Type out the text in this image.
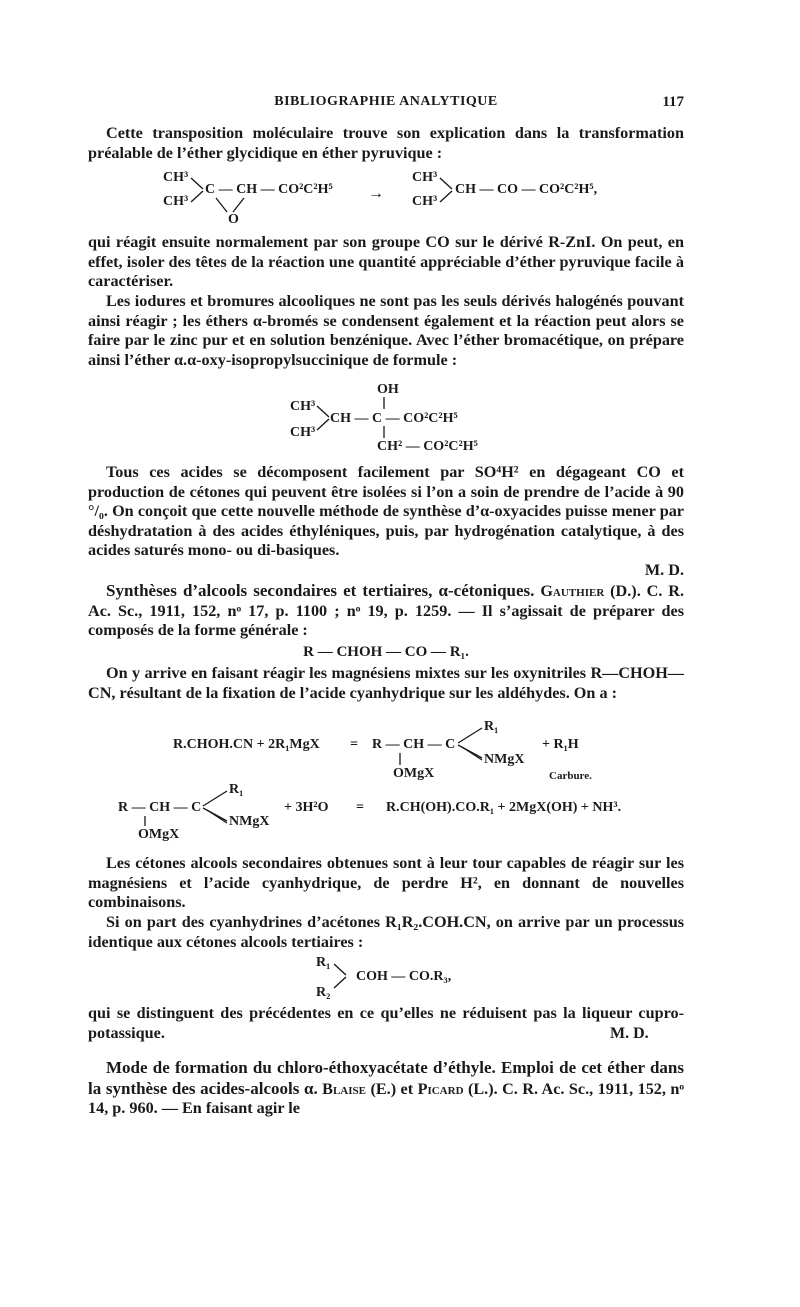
BIBLIOGRAPHIE ANALYTIQUE	117

Cette transposition moléculaire trouve son explication dans la transformation préalable de l’éther glycidique en éther pyruvique :

CH³
CH³
C — CH — CO²C²H⁵
O
→
CH³
CH³
CH — CO — CO²C²H⁵,

qui réagit ensuite normalement par son groupe CO sur le dérivé R-ZnI. On peut, en effet, isoler des têtes de la réaction une quantité appréciable d’éther pyruvique facile à caractériser.

Les iodures et bromures alcooliques ne sont pas les seuls dérivés halogénés pouvant ainsi réagir ; les éthers α-bromés se condensent également et la réaction peut alors se faire par le zinc pur et en solution benzénique. Avec l’éther bromacétique, on prépare ainsi l’éther α.α-oxy-isopropylsuccinique de formule :

OH
CH³
CH³
CH — C — CO²C²H⁵
CH² — CO²C²H⁵

Tous ces acides se décomposent facilement par SO⁴H² en dégageant CO et production de cétones qui peuvent être isolées si l’on a soin de prendre de l’acide à 90 °/₀. On conçoit que cette nouvelle méthode de synthèse d’α-oxyacides puisse mener par déshydratation à des acides éthyléniques, puis, par hydrogénation catalytique, à des acides saturés mono- ou di-basiques.

M. D.

Synthèses d’alcools secondaires et tertiaires, α-cétoniques. Gauthier (D.). C. R. Ac. Sc., 1911, 152, nᵒ 17, p. 1100 ; nᵒ 19, p. 1259. — Il s’agissait de préparer des composés de la forme générale :

R — CHOH — CO — R₁.

On y arrive en faisant réagir les magnésiens mixtes sur les oxynitriles R—CHOH—CN, résultant de la fixation de l’acide cyanhydrique sur les aldéhydes. On a :

R.CHOH.CN + 2R₁MgX = R — CH — C
R₁
NMgX
OMgX
+ R₁H
Carbure.
R — CH — C
R₁
NMgX
OMgX
+ 3H²O = R.CH(OH).CO.R₁ + 2MgX(OH) + NH³.

Les cétones alcools secondaires obtenues sont à leur tour capables de réagir sur les magnésiens et l’acide cyanhydrique, de perdre H², en donnant de nouvelles combinaisons.

Si on part des cyanhydrines d’acétones R₁R₂.COH.CN, on arrive par un processus identique aux cétones alcools tertiaires :

R₁
R₂
COH — CO.R₃,

qui se distinguent des précédentes en ce qu’elles ne réduisent pas la liqueur cupro-potassique.	M. D.

Mode de formation du chloro-éthoxyacétate d’éthyle. Emploi de cet éther dans la synthèse des acides-alcools α. Blaise (E.) et Picard (L.). C. R. Ac. Sc., 1911, 152, nᵒ 14, p. 960. — En faisant agir le
